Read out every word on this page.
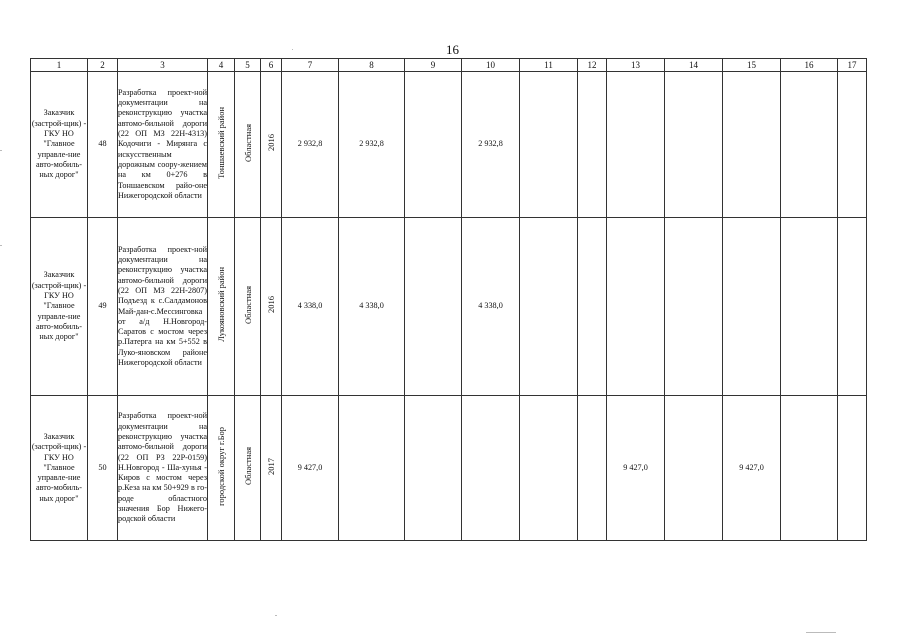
16
1	2	3	4	5	6	7	8	9	10	11	12	13	14	15	16	17
Заказчик (застрой-щик) - ГКУ НО "Главное управле-ние авто-мобиль-ных дорог"	48	Разработка проект-ной документации на реконструкцию участка автомо-бильной дороги (22 ОП МЗ 22Н-4313) Кодочиги - Мирянга с искусственным дорожным соору-жением на км 0+276 в Тоншаевском райо-оне Нижегородской области	Тоншаевский район	Областная	2016	2 932,8	2 932,8		2 932,8							
Заказчик (застрой-щик) - ГКУ НО "Главное управле-ние авто-мобиль-ных дорог"	49	Разработка проект-ной документации на реконструкцию участка автомо-бильной дороги (22 ОП МЗ 22Н-2807) Подъезд к с.Салдамонов Май-дан-с.Мессинговка от а/д Н.Новгород-Саратов с мостом через р.Патерга на км 5+552 в Луко-яновском районе Нижегородской области	Лукояновский район	Областная	2016	4 338,0	4 338,0		4 338,0							
Заказчик (застрой-щик) - ГКУ НО "Главное управле-ние авто-мобиль-ных дорог"	50	Разработка проект-ной документации на реконструкцию участка автомо-бильной дороги (22 ОП РЗ 22Р-0159) Н.Новгород - Ша-хунья - Киров с мостом через р.Кеза на км 50+929 в го-роде областного значения Бор Нижего-родской области	городской округ г.Бор	Областная	2017	9 427,0						9 427,0		9 427,0		
